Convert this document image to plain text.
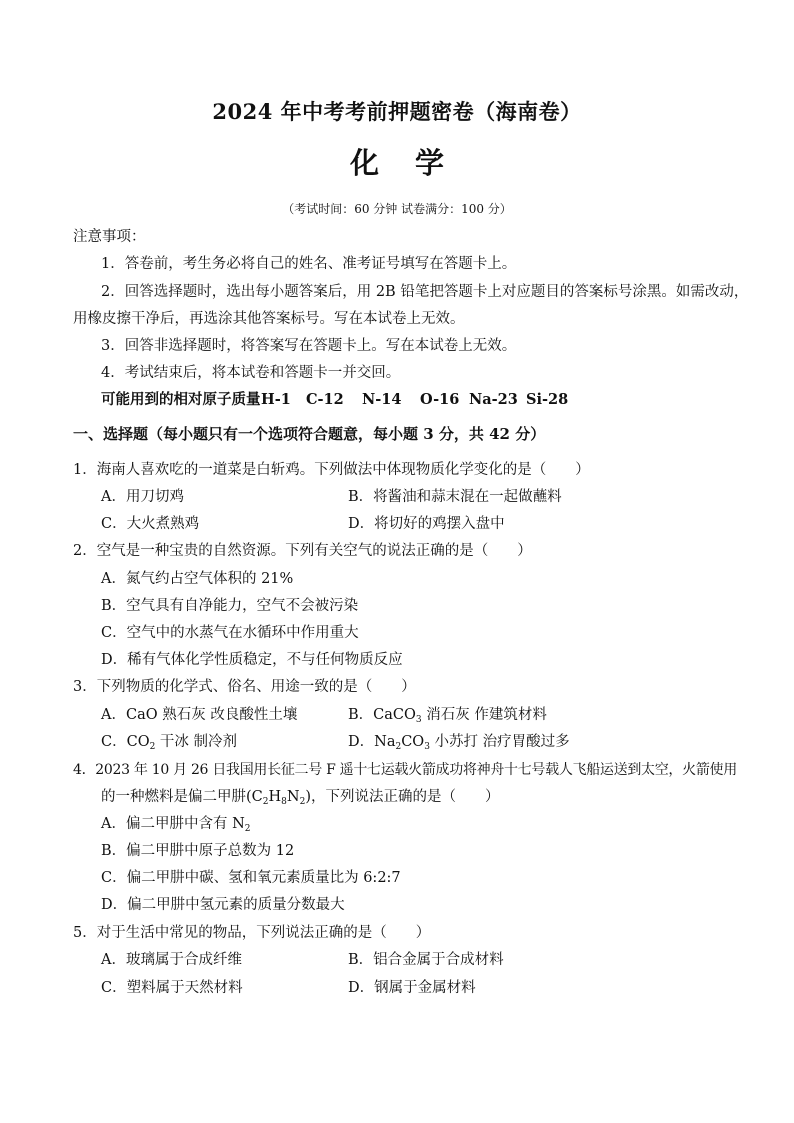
2024 年中考考前押题密卷（海南卷）
化学
（考试时间：60 分钟 试卷满分：100 分）
注意事项：
1．答卷前，考生务必将自己的姓名、准考证号填写在答题卡上。
2．回答选择题时，选出每小题答案后，用 2B 铅笔把答题卡上对应题目的答案标号涂黑。如需改动，
用橡皮擦干净后，再选涂其他答案标号。写在本试卷上无效。
3．回答非选择题时，将答案写在答题卡上。写在本试卷上无效。
4．考试结束后，将本试卷和答题卡一并交回。
可能用到的相对原子质量 H-1 C-12 N-14 O-16 Na-23 Si-28
一、选择题（每小题只有一个选项符合题意，每小题 3 分，共 42 分）
1．海南人喜欢吃的一道菜是白斩鸡。下列做法中体现物质化学变化的是（　　）
A．用刀切鸡	B．将酱油和蒜末混在一起做蘸料
C．大火煮熟鸡	D．将切好的鸡摆入盘中
2．空气是一种宝贵的自然资源。下列有关空气的说法正确的是（　　）
A．氮气约占空气体积的 21%
B．空气具有自净能力，空气不会被污染
C．空气中的水蒸气在水循环中作用重大
D．稀有气体化学性质稳定，不与任何物质反应
3．下列物质的化学式、俗名、用途一致的是（　　）
A．CaO 熟石灰 改良酸性土壤	B．CaCO$_3$ 消石灰 作建筑材料
C．$CO_2$ 干冰 制冷剂	D．$Na_2CO_3$ 小苏打 治疗胃酸过多
4．2023 年 10 月 26 日我国用长征二号 F 遥十七运载火箭成功将神舟十七号载人飞船运送到太空，火箭使用
的一种燃料是偏二甲肼$(C_2H_8N_2)$，下列说法正确的是（　　）
A．偏二甲肼中含有 $N_2$
B．偏二甲肼中原子总数为 12
C．偏二甲肼中碳、氢和氧元素质量比为 6:2:7
D．偏二甲肼中氢元素的质量分数最大
5．对于生活中常见的物品，下列说法正确的是（　　）
A．玻璃属于合成纤维	B．铝合金属于合成材料
C．塑料属于天然材料	D．钢属于金属材料
